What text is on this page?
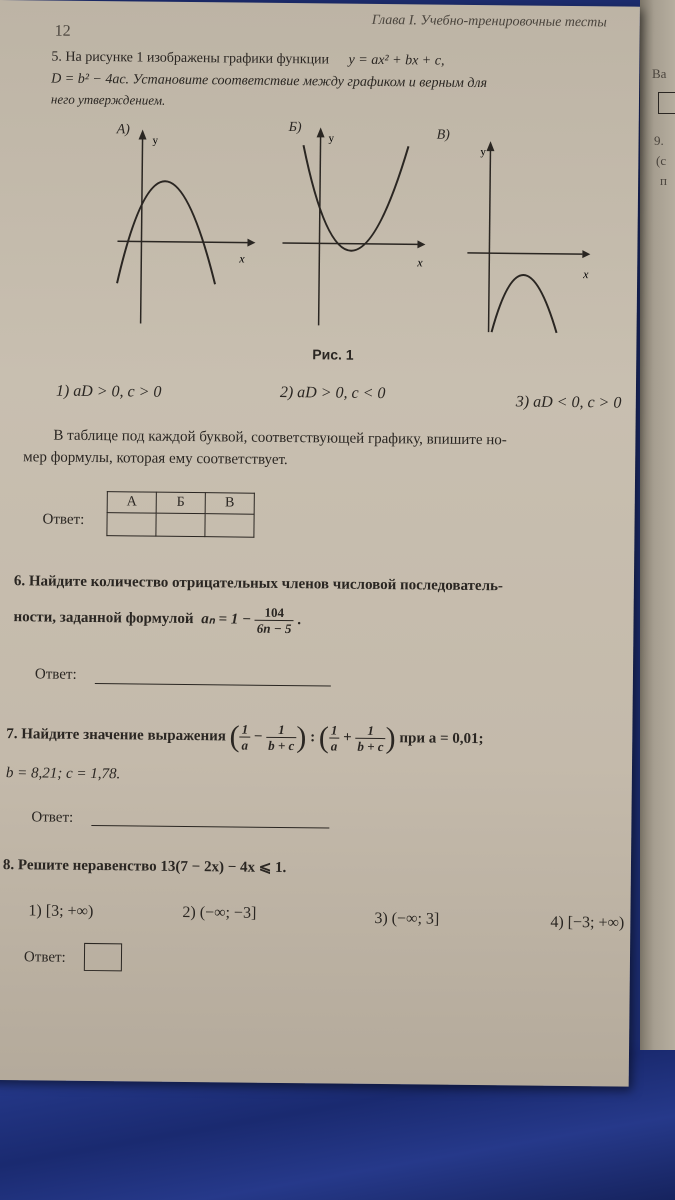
Ва
9.
(с
п
12
Глава I. Учебно-тренировочные тесты
5. На рисунке 1 изображены графики функции y = ax² + bx + c,
D = b² − 4ac. Установите соответствие между графиком и верным для
него утверждением.
y
x
y
x
y
x
А)	Б)	В)
Рис. 1
1) aD > 0, c > 0	2) aD > 0, c < 0
3) aD < 0, c > 0
В таблице под каждой буквой, соответствующей графику, впишите но-
мер формулы, которая ему соответствует.
Ответ:
А	Б	В

6. Найдите количество отрицательных членов числовой последователь-
ности, заданной формулой $a_n = 1 - \frac{104}{6n - 5}$ .
Ответ:
7. Найдите значение выражения ( $\frac{1}{a} - \frac{1}{b + c}$ ) : ( $\frac{1}{a} + \frac{1}{b + c}$ ) при a = 0,01;
b = 8,21; c = 1,78.
Ответ:
8. Решите неравенство 13(7 − 2x) − 4x ⩽ 1.
1) [3; +∞)	2) (−∞; −3]	3) (−∞; 3]	4) [−3; +∞)
Ответ:
